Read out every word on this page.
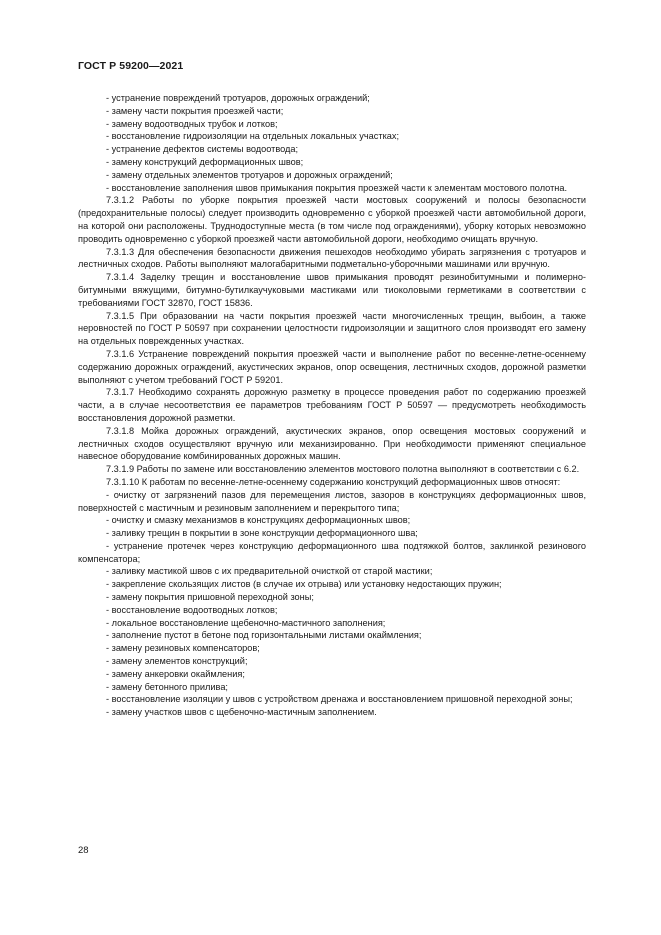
ГОСТ Р 59200—2021

- устранение повреждений тротуаров, дорожных ограждений;

- замену части покрытия проезжей части;

- замену водоотводных трубок и лотков;

- восстановление гидроизоляции на отдельных локальных участках;

- устранение дефектов системы водоотвода;

- замену конструкций деформационных швов;

- замену отдельных элементов тротуаров и дорожных ограждений;

- восстановление заполнения швов примыкания покрытия проезжей части к элементам мостового полотна.

7.3.1.2 Работы по уборке покрытия проезжей части мостовых сооружений и полосы безопасности (предохранительные полосы) следует производить одновременно с уборкой проезжей части автомобильной дороги, на которой они расположены. Труднодоступные места (в том числе под ограждениями), уборку которых невозможно проводить одновременно с уборкой проезжей части автомобильной дороги, необходимо очищать вручную.

7.3.1.3 Для обеспечения безопасности движения пешеходов необходимо убирать загрязнения с тротуаров и лестничных сходов. Работы выполняют малогабаритными подметально-уборочными машинами или вручную.

7.3.1.4 Заделку трещин и восстановление швов примыкания проводят резинобитумными и полимерно-битумными вяжущими, битумно-бутилкаучуковыми мастиками или тиоколовыми герметиками в соответствии с требованиями ГОСТ 32870, ГОСТ 15836.

7.3.1.5 При образовании на части покрытия проезжей части многочисленных трещин, выбоин, а также неровностей по ГОСТ Р 50597 при сохранении целостности гидроизоляции и защитного слоя производят его замену на отдельных поврежденных участках.

7.3.1.6 Устранение повреждений покрытия проезжей части и выполнение работ по весенне-летне-осеннему содержанию дорожных ограждений, акустических экранов, опор освещения, лестничных сходов, дорожной разметки выполняют с учетом требований ГОСТ Р 59201.

7.3.1.7 Необходимо сохранять дорожную разметку в процессе проведения работ по содержанию проезжей части, а в случае несоответствия ее параметров требованиям ГОСТ Р 50597 — предусмотреть необходимость восстановления дорожной разметки.

7.3.1.8 Мойка дорожных ограждений, акустических экранов, опор освещения мостовых сооружений и лестничных сходов осуществляют вручную или механизированно. При необходимости применяют специальное навесное оборудование комбинированных дорожных машин.

7.3.1.9 Работы по замене или восстановлению элементов мостового полотна выполняют в соответствии с 6.2.

7.3.1.10 К работам по весенне-летне-осеннему содержанию конструкций деформационных швов относят:

- очистку от загрязнений пазов для перемещения листов, зазоров в конструкциях деформационных швов, поверхностей с мастичным и резиновым заполнением и перекрытого типа;

- очистку и смазку механизмов в конструкциях деформационных швов;

- заливку трещин в покрытии в зоне конструкции деформационного шва;

- устранение протечек через конструкцию деформационного шва подтяжкой болтов, заклинкой резинового компенсатора;

- заливку мастикой швов с их предварительной очисткой от старой мастики;

- закрепление скользящих листов (в случае их отрыва) или установку недостающих пружин;

- замену покрытия пришовной переходной зоны;

- восстановление водоотводных лотков;

- локальное восстановление щебеночно-мастичного заполнения;

- заполнение пустот в бетоне под горизонтальными листами окаймления;

- замену резиновых компенсаторов;

- замену элементов конструкций;

- замену анкеровки окаймления;

- замену бетонного прилива;

- восстановление изоляции у швов с устройством дренажа и восстановлением пришовной переходной зоны;

- замену участков швов с щебеночно-мастичным заполнением.

28
